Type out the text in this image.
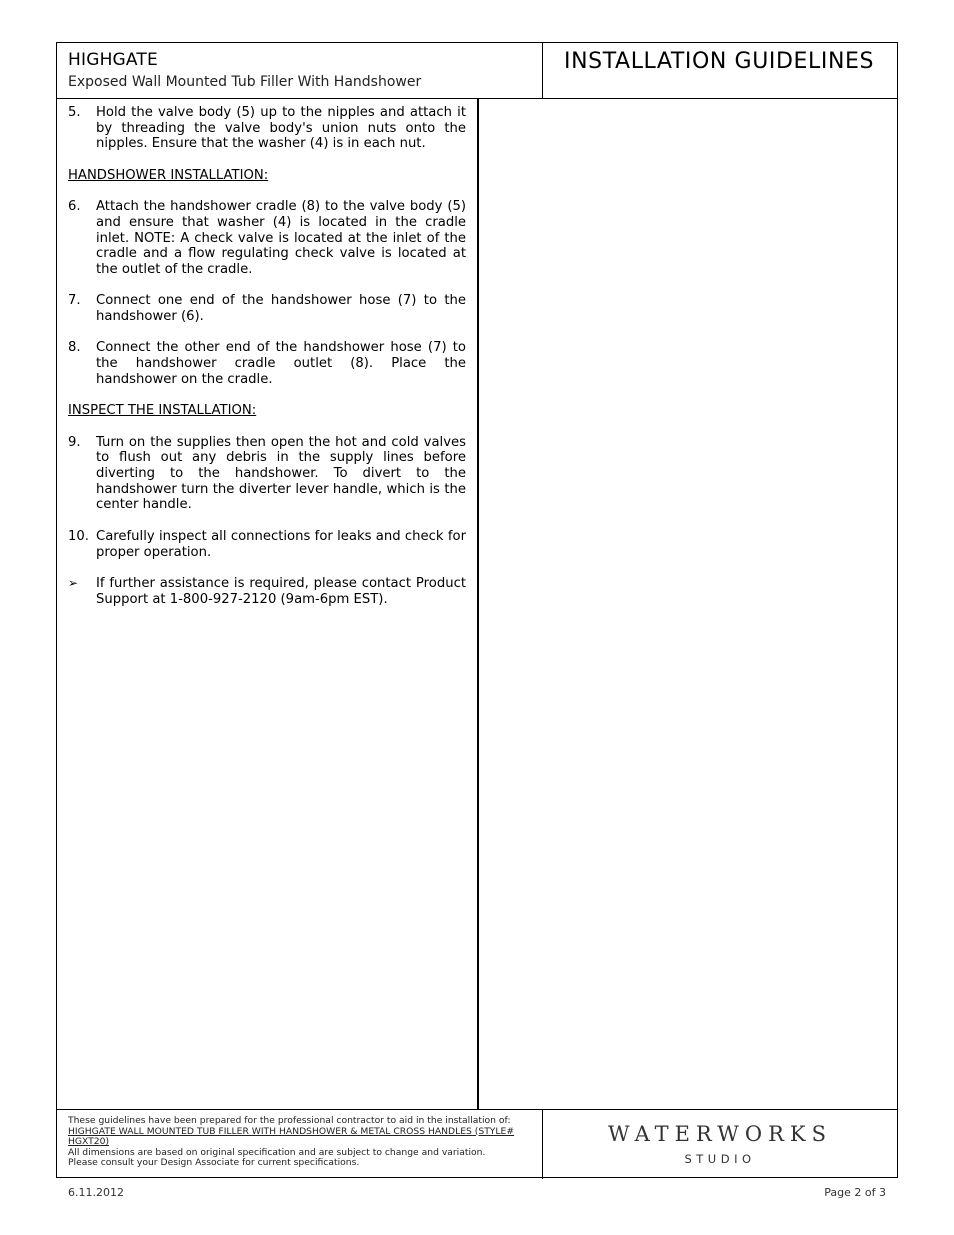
HIGHGATE
Exposed Wall Mounted Tub Filler With Handshower
INSTALLATION GUIDELINES
5.	Hold the valve body (5) up to the nipples and attach it by threading the valve body's union nuts onto the nipples. Ensure that the washer (4) is in each nut.
HANDSHOWER INSTALLATION:
6.	Attach the handshower cradle (8) to the valve body (5) and ensure that washer (4) is located in the cradle inlet. NOTE: A check valve is located at the inlet of the cradle and a flow regulating check valve is located at the outlet of the cradle.
7.	Connect one end of the handshower hose (7) to the handshower (6).
8.	Connect the other end of the handshower hose (7) to the handshower cradle outlet (8). Place the handshower on the cradle.
INSPECT THE INSTALLATION:
9.	Turn on the supplies then open the hot and cold valves to flush out any debris in the supply lines before diverting to the handshower. To divert to the handshower turn the diverter lever handle, which is the center handle.
10. Carefully inspect all connections for leaks and check for proper operation.
➢	If further assistance is required, please contact Product Support at 1-800-927-2120 (9am-6pm EST).
These guidelines have been prepared for the professional contractor to aid in the installation of:
HIGHGATE WALL MOUNTED TUB FILLER WITH HANDSHOWER & METAL CROSS HANDLES (STYLE# HGXT20)
All dimensions are based on original specification and are subject to change and variation.
Please consult your Design Associate for current specifications.
WATERWORKS
STUDIO
6.11.2012	Page 2 of 3
